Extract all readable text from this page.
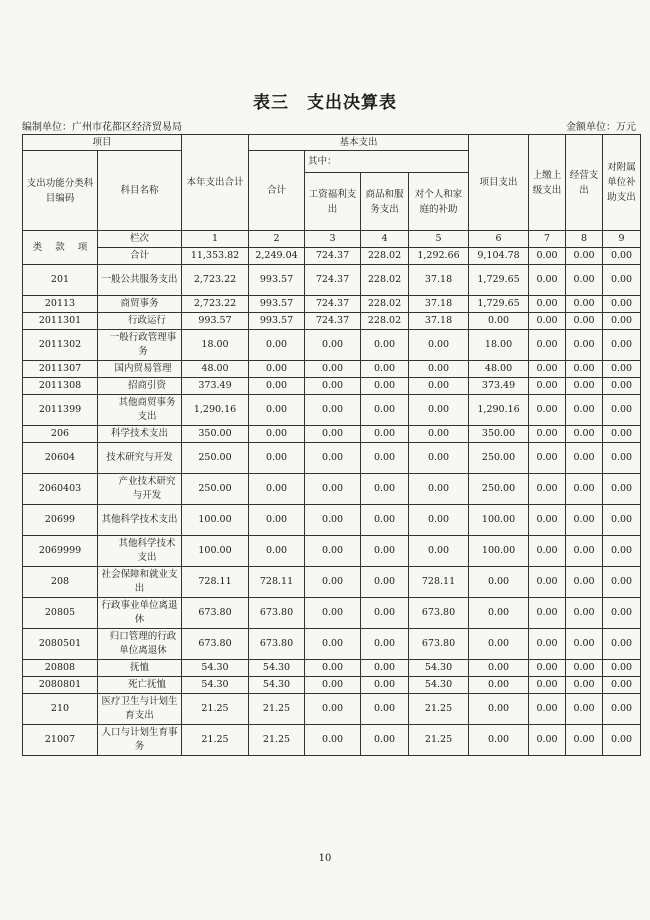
表三 支出决算表
编制单位：广州市花都区经济贸易局	金额单位：万元
项目		本年支出合计	基本支出				项目支出	上缴上级支出	经营支出	对附属单位补助支出
支出功能分类科目编码	科目名称		合计	其中：						
				工资福利支出	商品和服务支出	对个人和家庭的补助				

类 款 项	栏次	1	2	3	4	5	6	7	8	9
	合计	11,353.82	2,249.04	724.37	228.02	1,292.66	9,104.78	0.00	0.00	0.00
201	一般公共服务支出	2,723.22	993.57	724.37	228.02	37.18	1,729.65	0.00	0.00	0.00
20113	商贸事务	2,723.22	993.57	724.37	228.02	37.18	1,729.65	0.00	0.00	0.00
2011301	行政运行	993.57	993.57	724.37	228.02	37.18	0.00	0.00	0.00	0.00
2011302	一般行政管理事务	18.00	0.00	0.00	0.00	0.00	18.00	0.00	0.00	0.00
2011307	国内贸易管理	48.00	0.00	0.00	0.00	0.00	48.00	0.00	0.00	0.00
2011308	招商引资	373.49	0.00	0.00	0.00	0.00	373.49	0.00	0.00	0.00
2011399	其他商贸事务支出	1,290.16	0.00	0.00	0.00	0.00	1,290.16	0.00	0.00	0.00
206	科学技术支出	350.00	0.00	0.00	0.00	0.00	350.00	0.00	0.00	0.00
20604	技术研究与开发	250.00	0.00	0.00	0.00	0.00	250.00	0.00	0.00	0.00
2060403	产业技术研究与开发	250.00	0.00	0.00	0.00	0.00	250.00	0.00	0.00	0.00
20699	其他科学技术支出	100.00	0.00	0.00	0.00	0.00	100.00	0.00	0.00	0.00
2069999	其他科学技术支出	100.00	0.00	0.00	0.00	0.00	100.00	0.00	0.00	0.00
208	社会保障和就业支出	728.11	728.11	0.00	0.00	728.11	0.00	0.00	0.00	0.00
20805	行政事业单位离退休	673.80	673.80	0.00	0.00	673.80	0.00	0.00	0.00	0.00
2080501	归口管理的行政单位离退休	673.80	673.80	0.00	0.00	673.80	0.00	0.00	0.00	0.00
20808	抚恤	54.30	54.30	0.00	0.00	54.30	0.00	0.00	0.00	0.00
2080801	死亡抚恤	54.30	54.30	0.00	0.00	54.30	0.00	0.00	0.00	0.00
210	医疗卫生与计划生育支出	21.25	21.25	0.00	0.00	21.25	0.00	0.00	0.00	0.00
21007	人口与计划生育事务	21.25	21.25	0.00	0.00	21.25	0.00	0.00	0.00	0.00
10
